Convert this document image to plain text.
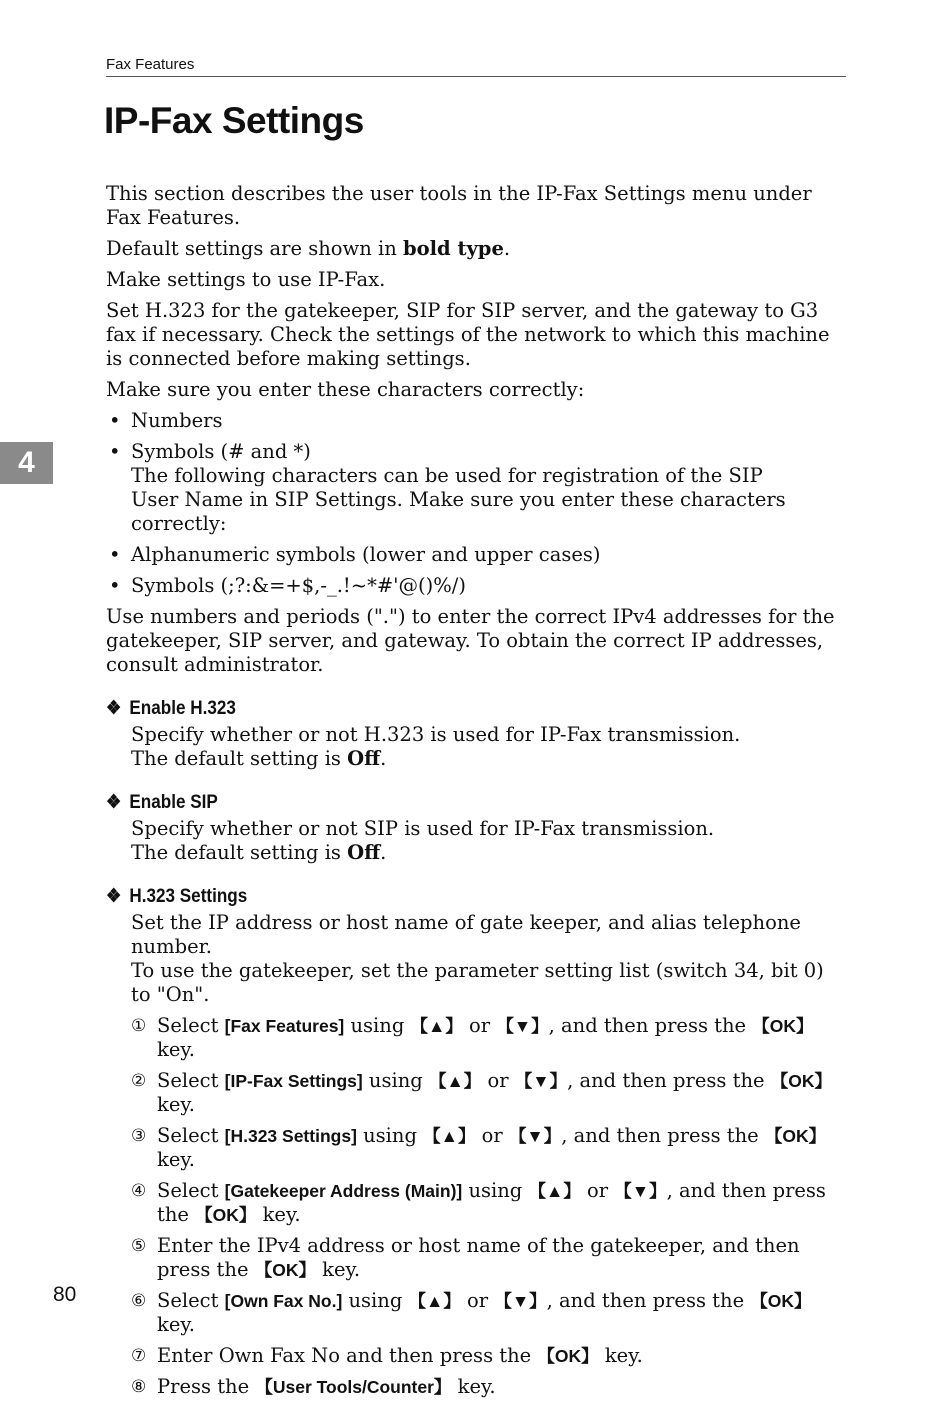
Fax Features
IP-Fax Settings
4

This section describes the user tools in the IP-Fax Settings menu under Fax Features.

Default settings are shown in bold type.

Make settings to use IP-Fax.

Set H.323 for the gatekeeper, SIP for SIP server, and the gateway to G3 fax if necessary. Check the settings of the network to which this machine is connected before making settings.

Make sure you enter these characters correctly:

• Numbers
• Symbols (# and *)
The following characters can be used for registration of the SIP
User Name in SIP Settings. Make sure you enter these characters correctly:
• Alphanumeric symbols (lower and upper cases)
• Symbols (;?:&=+$,-_.!~*#'@()%/)

Use numbers and periods (".") to enter the correct IPv4 addresses for the gatekeeper, SIP server, and gateway. To obtain the correct IP addresses, consult administrator.

❖ Enable H.323

Specify whether or not H.323 is used for IP-Fax transmission.

The default setting is Off.

❖ Enable SIP

Specify whether or not SIP is used for IP-Fax transmission.

The default setting is Off.

❖ H.323 Settings

Set the IP address or host name of gate keeper, and alias telephone number.

To use the gatekeeper, set the parameter setting list (switch 34, bit 0) to "On".

① Select [Fax Features] using 【▲】 or 【▼】, and then press the 【OK】 key.
② Select [IP-Fax Settings] using 【▲】 or 【▼】, and then press the 【OK】 key.
③ Select [H.323 Settings] using 【▲】 or 【▼】, and then press the 【OK】 key.
④ Select [Gatekeeper Address (Main)] using 【▲】 or 【▼】, and then press the 【OK】 key.
⑤ Enter the IPv4 address or host name of the gatekeeper, and then press the 【OK】 key.
⑥ Select [Own Fax No.] using 【▲】 or 【▼】, and then press the 【OK】 key.
⑦ Enter Own Fax No and then press the 【OK】 key.
⑧ Press the 【User Tools/Counter】 key.
80
